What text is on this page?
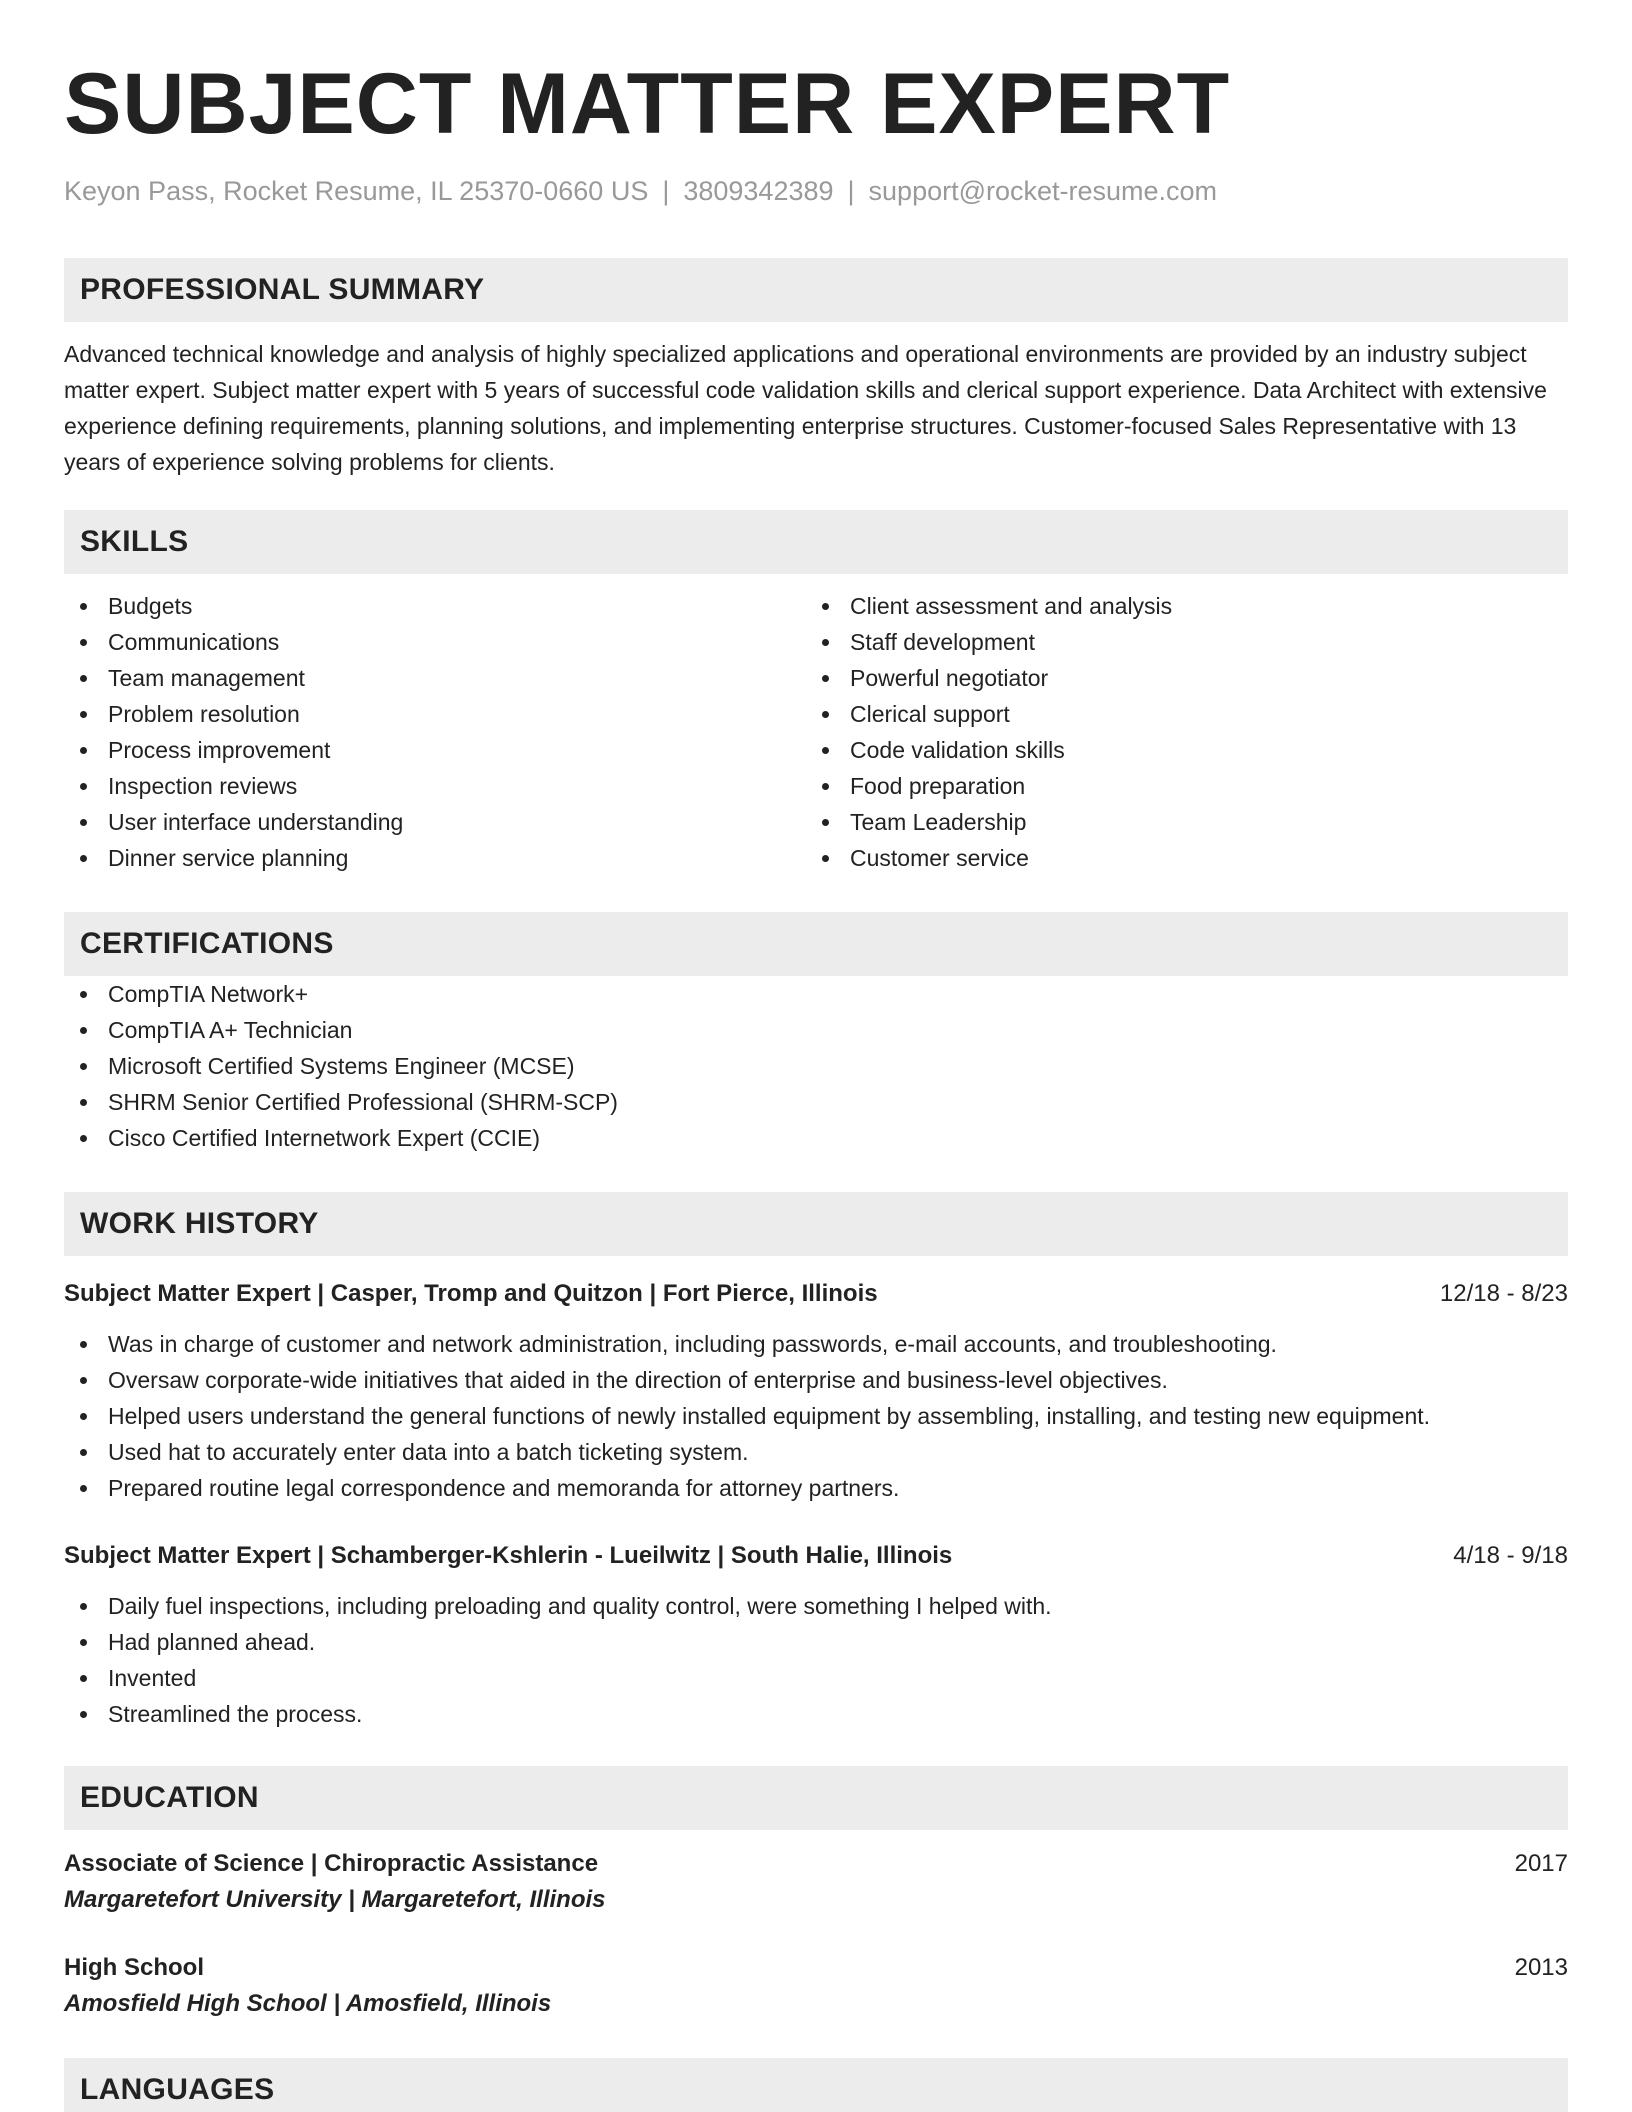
SUBJECT MATTER EXPERT
Keyon Pass, Rocket Resume, IL 25370-0660 US | 3809342389 | support@rocket-resume.com
PROFESSIONAL SUMMARY

Advanced technical knowledge and analysis of highly specialized applications and operational environments are provided by an industry subject matter expert. Subject matter expert with 5 years of successful code validation skills and clerical support experience. Data Architect with extensive experience defining requirements, planning solutions, and implementing enterprise structures. Customer-focused Sales Representative with 13 years of experience solving problems for clients.

SKILLS
Budgets
Communications
Team management
Problem resolution
Process improvement
Inspection reviews
User interface understanding
Dinner service planning
Client assessment and analysis
Staff development
Powerful negotiator
Clerical support
Code validation skills
Food preparation
Team Leadership
Customer service
CERTIFICATIONS
CompTIA Network+
CompTIA A+ Technician
Microsoft Certified Systems Engineer (MCSE)
SHRM Senior Certified Professional (SHRM-SCP)
Cisco Certified Internetwork Expert (CCIE)
WORK HISTORY
Subject Matter Expert | Casper, Tromp and Quitzon | Fort Pierce, Illinois	12/18 - 8/23
Was in charge of customer and network administration, including passwords, e-mail accounts, and troubleshooting.
Oversaw corporate-wide initiatives that aided in the direction of enterprise and business-level objectives.
Helped users understand the general functions of newly installed equipment by assembling, installing, and testing new equipment.
Used hat to accurately enter data into a batch ticketing system.
Prepared routine legal correspondence and memoranda for attorney partners.
Subject Matter Expert | Schamberger-Kshlerin - Lueilwitz | South Halie, Illinois	4/18 - 9/18
Daily fuel inspections, including preloading and quality control, were something I helped with.
Had planned ahead.
Invented
Streamlined the process.
EDUCATION
Associate of Science | Chiropractic Assistance	2017
Margaretefort University | Margaretefort, Illinois
High School	2013
Amosfield High School | Amosfield, Illinois
LANGUAGES
